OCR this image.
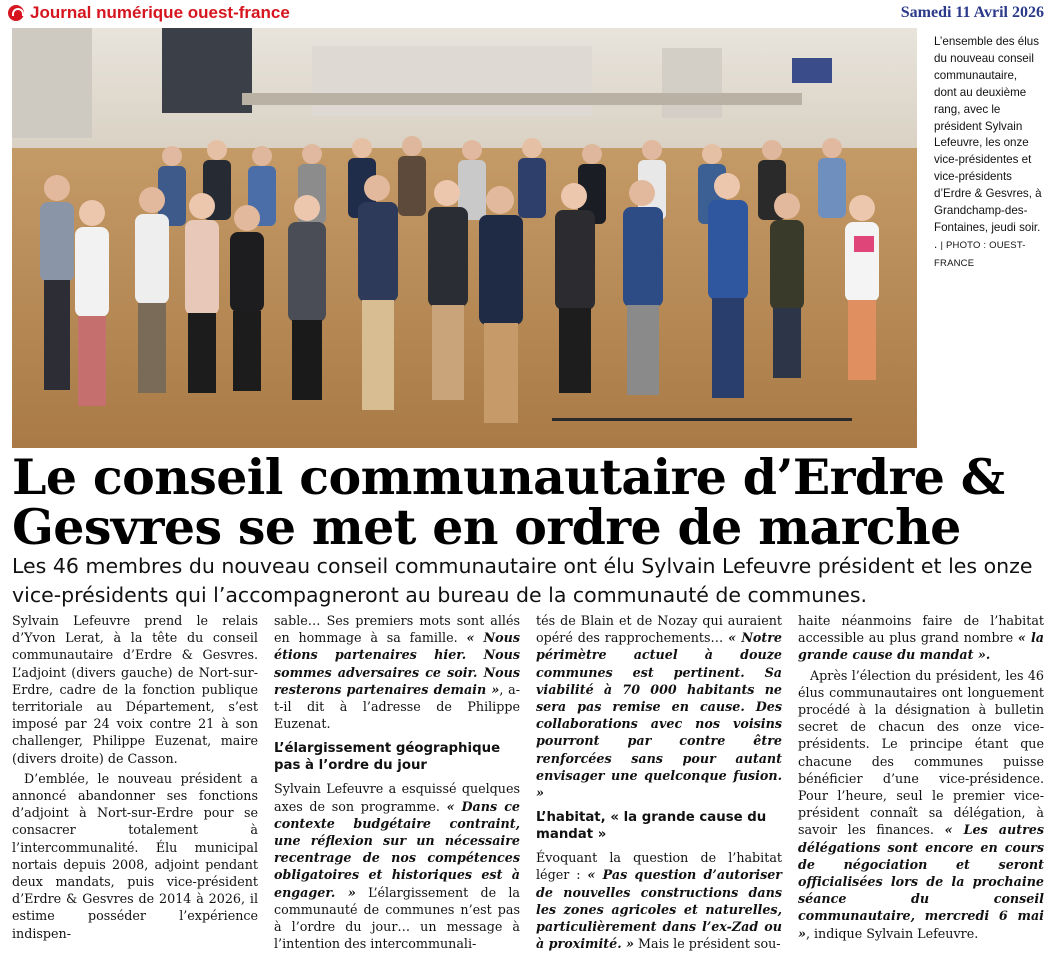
Journal numérique ouest-france	Samedi 11 Avril 2026
L’ensemble des élus du nouveau conseil communautaire, dont au deuxième rang, avec le président Sylvain Lefeuvre, les onze vice-présidentes et vice-présidents d’Erdre & Gesvres, à Grandchamp-des-Fontaines, jeudi soir. . | PHOTO : OUEST-FRANCE
Le conseil communautaire d’Erdre & Gesvres se met en ordre de marche

Les 46 membres du nouveau conseil communautaire ont élu Sylvain Lefeuvre président et les onze vice-présidents qui l’accompagneront au bureau de la communauté de communes.

Sylvain Lefeuvre prend le relais d’Yvon Lerat, à la tête du conseil communautaire d’Erdre & Gesvres. L’adjoint (divers gauche) de Nort-sur-Erdre, cadre de la fonction publique territoriale au Département, s’est imposé par 24 voix contre 21 à son challenger, Philippe Euzenat, maire (divers droite) de Casson.

D’emblée, le nouveau président a annoncé abandonner ses fonctions d’adjoint à Nort-sur-Erdre pour se consacrer totalement à l’intercommunalité. Élu municipal nortais depuis 2008, adjoint pendant deux mandats, puis vice-président d’Erdre & Gesvres de 2014 à 2026, il estime posséder l’expérience indispen-

sable… Ses premiers mots sont allés en hommage à sa famille. « Nous étions partenaires hier. Nous sommes adversaires ce soir. Nous resterons partenaires demain », a-t-il dit à l’adresse de Philippe Euzenat.

L’élargissement géographique pas à l’ordre du jour

Sylvain Lefeuvre a esquissé quelques axes de son programme. « Dans ce contexte budgétaire contraint, une réflexion sur un nécessaire recentrage de nos compétences obligatoires et historiques est à engager. » L’élargissement de la communauté de communes n’est pas à l’ordre du jour… un message à l’intention des intercommunali-

tés de Blain et de Nozay qui auraient opéré des rapprochements… « Notre périmètre actuel à douze communes est pertinent. Sa viabilité à 70 000 habitants ne sera pas remise en cause. Des collaborations avec nos voisins pourront par contre être renforcées sans pour autant envisager une quelconque fusion. »

L’habitat, « la grande cause du mandat »

Évoquant la question de l’habitat léger : « Pas question d’autoriser de nouvelles constructions dans les zones agricoles et naturelles, particulièrement dans l’ex-Zad ou à proximité. » Mais le président sou-

haite néanmoins faire de l’habitat accessible au plus grand nombre « la grande cause du mandat ».

Après l’élection du président, les 46 élus communautaires ont longuement procédé à la désignation à bulletin secret de chacun des onze vice-présidents. Le principe étant que chacune des communes puisse bénéficier d’une vice-présidence. Pour l’heure, seul le premier vice-président connaît sa délégation, à savoir les finances. « Les autres délégations sont encore en cours de négociation et seront officialisées lors de la prochaine séance du conseil communautaire, mercredi 6 mai », indique Sylvain Lefeuvre.
